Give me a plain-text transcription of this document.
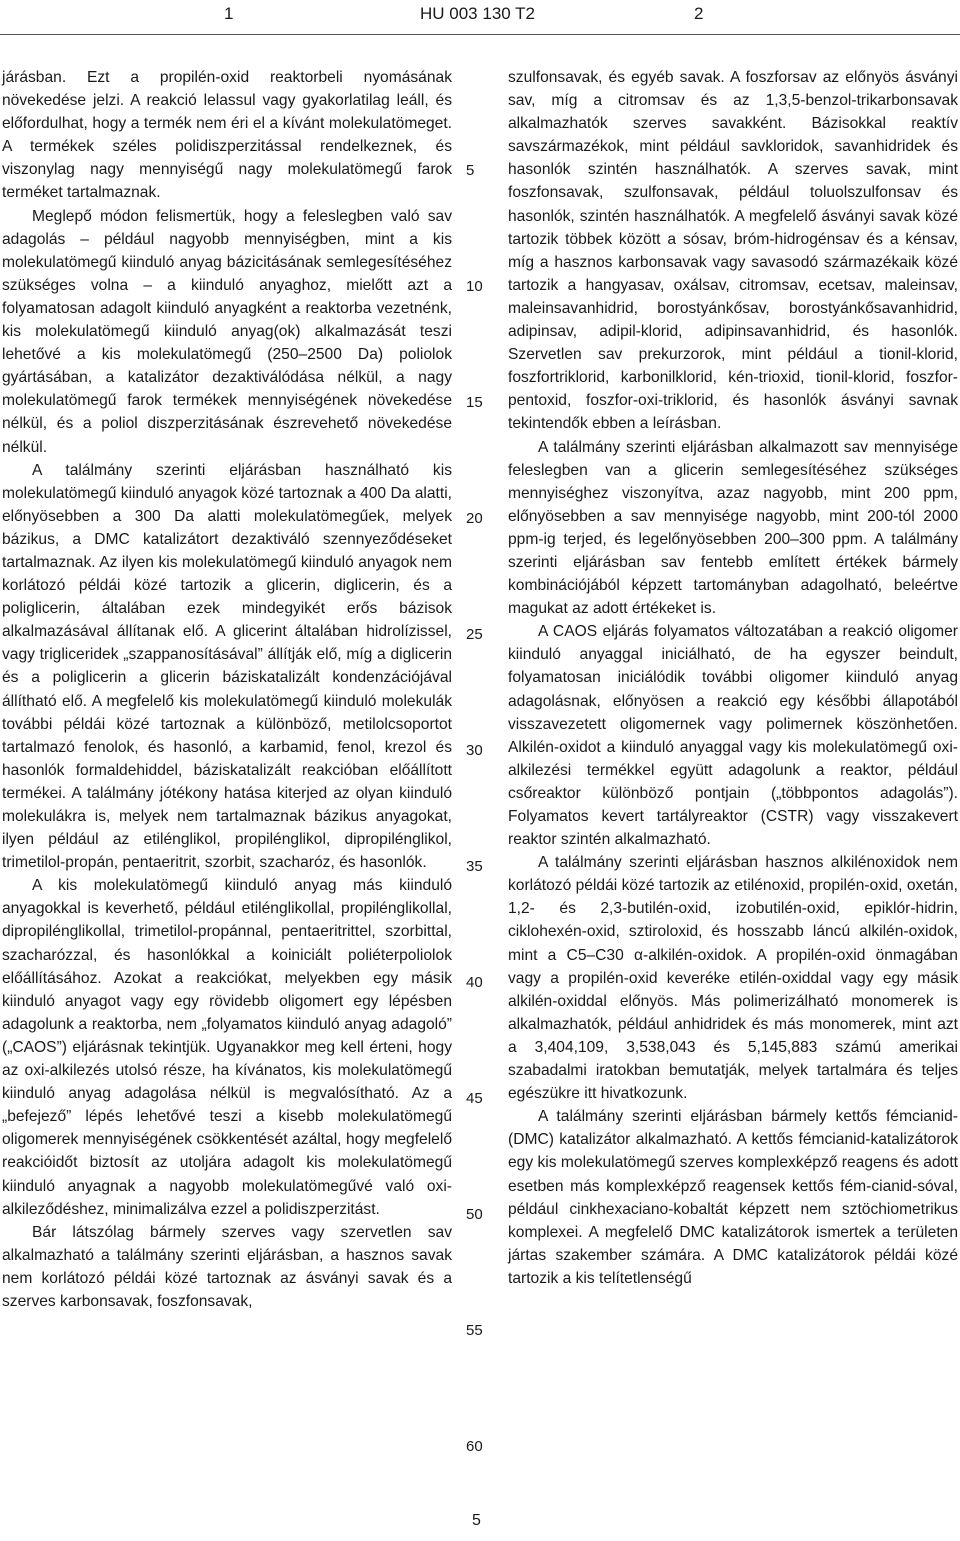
1	HU 003 130 T2	2

járásban. Ezt a propilén-oxid reaktorbeli nyomásának növekedése jelzi. A reakció lelassul vagy gyakorlatilag leáll, és előfordulhat, hogy a termék nem éri el a kívánt molekulatömeget. A termékek széles polidiszperzitással rendelkeznek, és viszonylag nagy mennyiségű nagy molekulatömegű farok terméket tartalmaznak.

Meglepő módon felismertük, hogy a feleslegben való sav adagolás – például nagyobb mennyiségben, mint a kis molekulatömegű kiinduló anyag bázicitásának semlegesítéséhez szükséges volna – a kiinduló anyaghoz, mielőtt azt a folyamatosan adagolt kiinduló anyagként a reaktorba vezetnénk, kis molekulatömegű kiinduló anyag(ok) alkalmazását teszi lehetővé a kis molekulatömegű (250–2500 Da) poliolok gyártásában, a katalizátor dezaktiválódása nélkül, a nagy molekulatömegű farok termékek mennyiségének növekedése nélkül, és a poliol diszperzitásának észrevehető növekedése nélkül.

A találmány szerinti eljárásban használható kis molekulatömegű kiinduló anyagok közé tartoznak a 400 Da alatti, előnyösebben a 300 Da alatti molekulatömegűek, melyek bázikus, a DMC katalizátort dezaktiváló szennyeződéseket tartalmaznak. Az ilyen kis molekulatömegű kiinduló anyagok nem korlátozó példái közé tartozik a glicerin, diglicerin, és a poliglicerin, általában ezek mindegyikét erős bázisok alkalmazásával állítanak elő. A glicerint általában hidrolízissel, vagy trigliceridek „szappanosításával” állítják elő, míg a diglicerin és a poliglicerin a glicerin báziskatalizált kondenzációjával állítható elő. A megfelelő kis molekulatömegű kiinduló molekulák további példái közé tartoznak a különböző, metilolcsoportot tartalmazó fenolok, és hasonló, a karbamid, fenol, krezol és hasonlók formaldehiddel, báziskatalizált reakcióban előállított termékei. A találmány jótékony hatása kiterjed az olyan kiinduló molekulákra is, melyek nem tartalmaznak bázikus anyagokat, ilyen például az etilénglikol, propilénglikol, dipropilénglikol, trimetilol-propán, pentaeritrit, szorbit, szacharóz, és hasonlók.

A kis molekulatömegű kiinduló anyag más kiinduló anyagokkal is keverhető, például etilénglikollal, propilénglikollal, dipropilénglikollal, trimetilol-propánnal, pentaeritrittel, szorbittal, szacharózzal, és hasonlókkal a koiniciált poliéterpoliolok előállításához. Azokat a reakciókat, melyekben egy másik kiinduló anyagot vagy egy rövidebb oligomert egy lépésben adagolunk a reaktorba, nem „folyamatos kiinduló anyag adagoló” („CAOS”) eljárásnak tekintjük. Ugyanakkor meg kell érteni, hogy az oxi-alkilezés utolsó része, ha kívánatos, kis molekulatömegű kiinduló anyag adagolása nélkül is megvalósítható. Az a „befejező” lépés lehetővé teszi a kisebb molekulatömegű oligomerek mennyiségének csökkentését azáltal, hogy megfelelő reakcióidőt biztosít az utoljára adagolt kis molekulatömegű kiinduló anyagnak a nagyobb molekulatömegűvé való oxi-alkileződéshez, minimalizálva ezzel a polidiszperzitást.

Bár látszólag bármely szerves vagy szervetlen sav alkalmazható a találmány szerinti eljárásban, a hasznos savak nem korlátozó példái közé tartoznak az ásványi savak és a szerves karbonsavak, foszfonsavak,

5
10
15
20
25
30
35
40
45
50
55
60

szulfonsavak, és egyéb savak. A foszforsav az előnyös ásványi sav, míg a citromsav és az 1,3,5-benzol-trikarbonsavak alkalmazhatók szerves savakként. Bázisokkal reaktív savszármazékok, mint például savkloridok, savanhidridek és hasonlók szintén használhatók. A szerves savak, mint foszfonsavak, szulfonsavak, például toluolszulfonsav és hasonlók, szintén használhatók. A megfelelő ásványi savak közé tartozik többek között a sósav, bróm-hidrogénsav és a kénsav, míg a hasznos karbonsavak vagy savasodó származékaik közé tartozik a hangyasav, oxálsav, citromsav, ecetsav, maleinsav, maleinsavanhidrid, borostyánkősav, borostyánkősavanhidrid, adipinsav, adipil-klorid, adipinsavanhidrid, és hasonlók. Szervetlen sav prekurzorok, mint például a tionil-klorid, foszfortriklorid, karbonilklorid, kén-trioxid, tionil-klorid, foszfor-pentoxid, foszfor-oxi-triklorid, és hasonlók ásványi savnak tekintendők ebben a leírásban.

A találmány szerinti eljárásban alkalmazott sav mennyisége feleslegben van a glicerin semlegesítéséhez szükséges mennyiséghez viszonyítva, azaz nagyobb, mint 200 ppm, előnyösebben a sav mennyisége nagyobb, mint 200-tól 2000 ppm-ig terjed, és legelőnyösebben 200–300 ppm. A találmány szerinti eljárásban sav fentebb említett értékek bármely kombinációjából képzett tartományban adagolható, beleértve magukat az adott értékeket is.

A CAOS eljárás folyamatos változatában a reakció oligomer kiinduló anyaggal iniciálható, de ha egyszer beindult, folyamatosan iniciálódik további oligomer kiinduló anyag adagolásnak, előnyösen a reakció egy későbbi állapotából visszavezetett oligomernek vagy polimernek köszönhetően. Alkilén-oxidot a kiinduló anyaggal vagy kis molekulatömegű oxi-alkilezési termékkel együtt adagolunk a reaktor, például csőreaktor különböző pontjain („többpontos adagolás”). Folyamatos kevert tartályreaktor (CSTR) vagy visszakevert reaktor szintén alkalmazható.

A találmány szerinti eljárásban hasznos alkilénoxidok nem korlátozó példái közé tartozik az etilénoxid, propilén-oxid, oxetán, 1,2- és 2,3-butilén-oxid, izobutilén-oxid, epiklór-hidrin, ciklohexén-oxid, sztiroloxid, és hosszabb láncú alkilén-oxidok, mint a C5–C30 α-alkilén-oxidok. A propilén-oxid önmagában vagy a propilén-oxid keveréke etilén-oxiddal vagy egy másik alkilén-oxiddal előnyös. Más polimerizálható monomerek is alkalmazhatók, például anhidridek és más monomerek, mint azt a 3,404,109, 3,538,043 és 5,145,883 számú amerikai szabadalmi iratokban bemutatják, melyek tartalmára és teljes egészükre itt hivatkozunk.

A találmány szerinti eljárásban bármely kettős fémcianid- (DMC) katalizátor alkalmazható. A kettős fémcianid-katalizátorok egy kis molekulatömegű szerves komplexképző reagens és adott esetben más komplexképző reagensek kettős fém-cianid-sóval, például cinkhexaciano-kobaltát képzett nem sztöchiometrikus komplexei. A megfelelő DMC katalizátorok ismertek a területen jártas szakember számára. A DMC katalizátorok példái közé tartozik a kis telítetlenségű

5
